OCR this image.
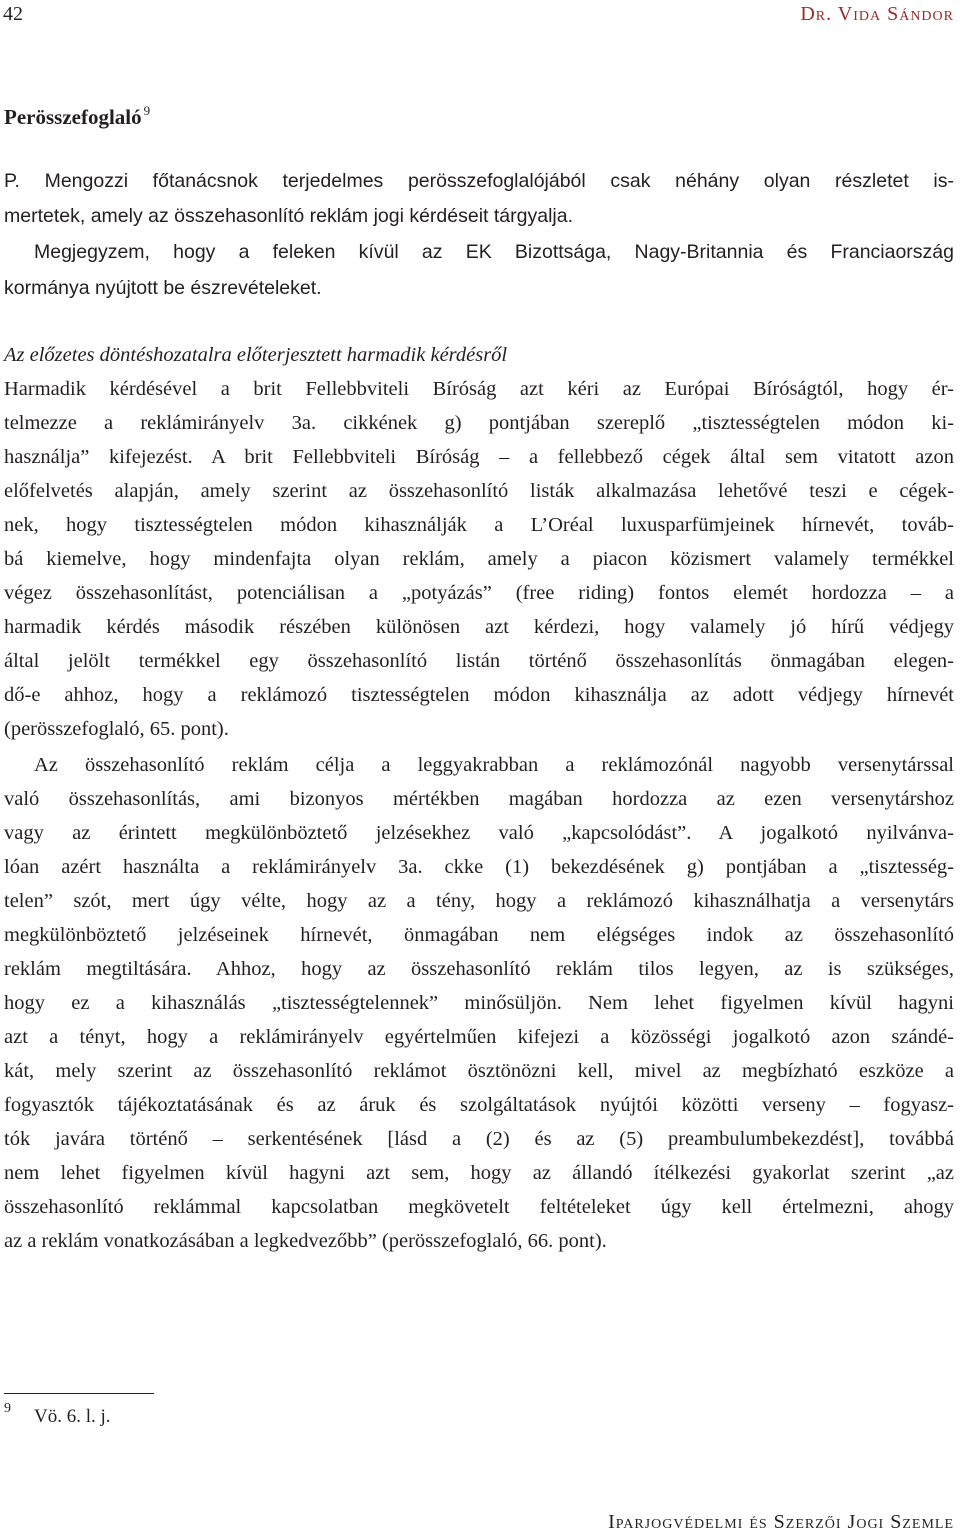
42	Dr. Vida Sándor
Perösszefoglaló $^9$
P. Mengozzi főtanácsnok terjedelmes perösszefoglalójából csak néhány olyan részletet is-
mertetek, amely az összehasonlító reklám jogi kérdéseit tárgyalja.
Megjegyzem, hogy a feleken kívül az EK Bizottsága, Nagy-Britannia és Franciaország
kormánya nyújtott be észrevételeket.
Az előzetes döntéshozatalra előterjesztett harmadik kérdésről
Harmadik kérdésével a brit Fellebbviteli Bíróság azt kéri az Európai Bíróságtól, hogy ér-
telmezze a reklámirányelv 3a. cikkének g) pontjában szereplő „tisztességtelen módon ki-
használja” kifejezést. A brit Fellebbviteli Bíróság – a fellebbező cégek által sem vitatott azon
előfelvetés alapján, amely szerint az összehasonlító listák alkalmazása lehetővé teszi e cégek-
nek, hogy tisztességtelen módon kihasználják a L’Oréal luxusparfümjeinek hírnevét, továb-
bá kiemelve, hogy mindenfajta olyan reklám, amely a piacon közismert valamely termékkel
végez összehasonlítást, potenciálisan a „potyázás” (free riding) fontos elemét hordozza – a
harmadik kérdés második részében különösen azt kérdezi, hogy valamely jó hírű védjegy
által jelölt termékkel egy összehasonlító listán történő összehasonlítás önmagában elegen-
dő-e ahhoz, hogy a reklámozó tisztességtelen módon kihasználja az adott védjegy hírnevét
(perösszefoglaló, 65. pont).
Az összehasonlító reklám célja a leggyakrabban a reklámozónál nagyobb versenytárssal
való összehasonlítás, ami bizonyos mértékben magában hordozza az ezen versenytárshoz
vagy az érintett megkülönböztető jelzésekhez való „kapcsolódást”. A jogalkotó nyilvánva-
lóan azért használta a reklámirányelv 3a. ckke (1) bekezdésének g) pontjában a „tisztesség-
telen” szót, mert úgy vélte, hogy az a tény, hogy a reklámozó kihasználhatja a versenytárs
megkülönböztető jelzéseinek hírnevét, önmagában nem elégséges indok az összehasonlító
reklám megtiltására. Ahhoz, hogy az összehasonlító reklám tilos legyen, az is szükséges,
hogy ez a kihasználás „tisztességtelennek” minősüljön. Nem lehet figyelmen kívül hagyni
azt a tényt, hogy a reklámirányelv egyértelműen kifejezi a közösségi jogalkotó azon szándé-
kát, mely szerint az összehasonlító reklámot ösztönözni kell, mivel az megbízható eszköze a
fogyasztók tájékoztatásának és az áruk és szolgáltatások nyújtói közötti verseny – fogyasz-
tók javára történő – serkentésének [lásd a (2) és az (5) preambulumbekezdést], továbbá
nem lehet figyelmen kívül hagyni azt sem, hogy az állandó ítélkezési gyakorlat szerint „az
összehasonlító reklámmal kapcsolatban megkövetelt feltételeket úgy kell értelmezni, ahogy
az a reklám vonatkozásában a legkedvezőbb” (perösszefoglaló, 66. pont).
9 Vö. 6. l. j.
Iparjogvédelmi és Szerzői Jogi Szemle
